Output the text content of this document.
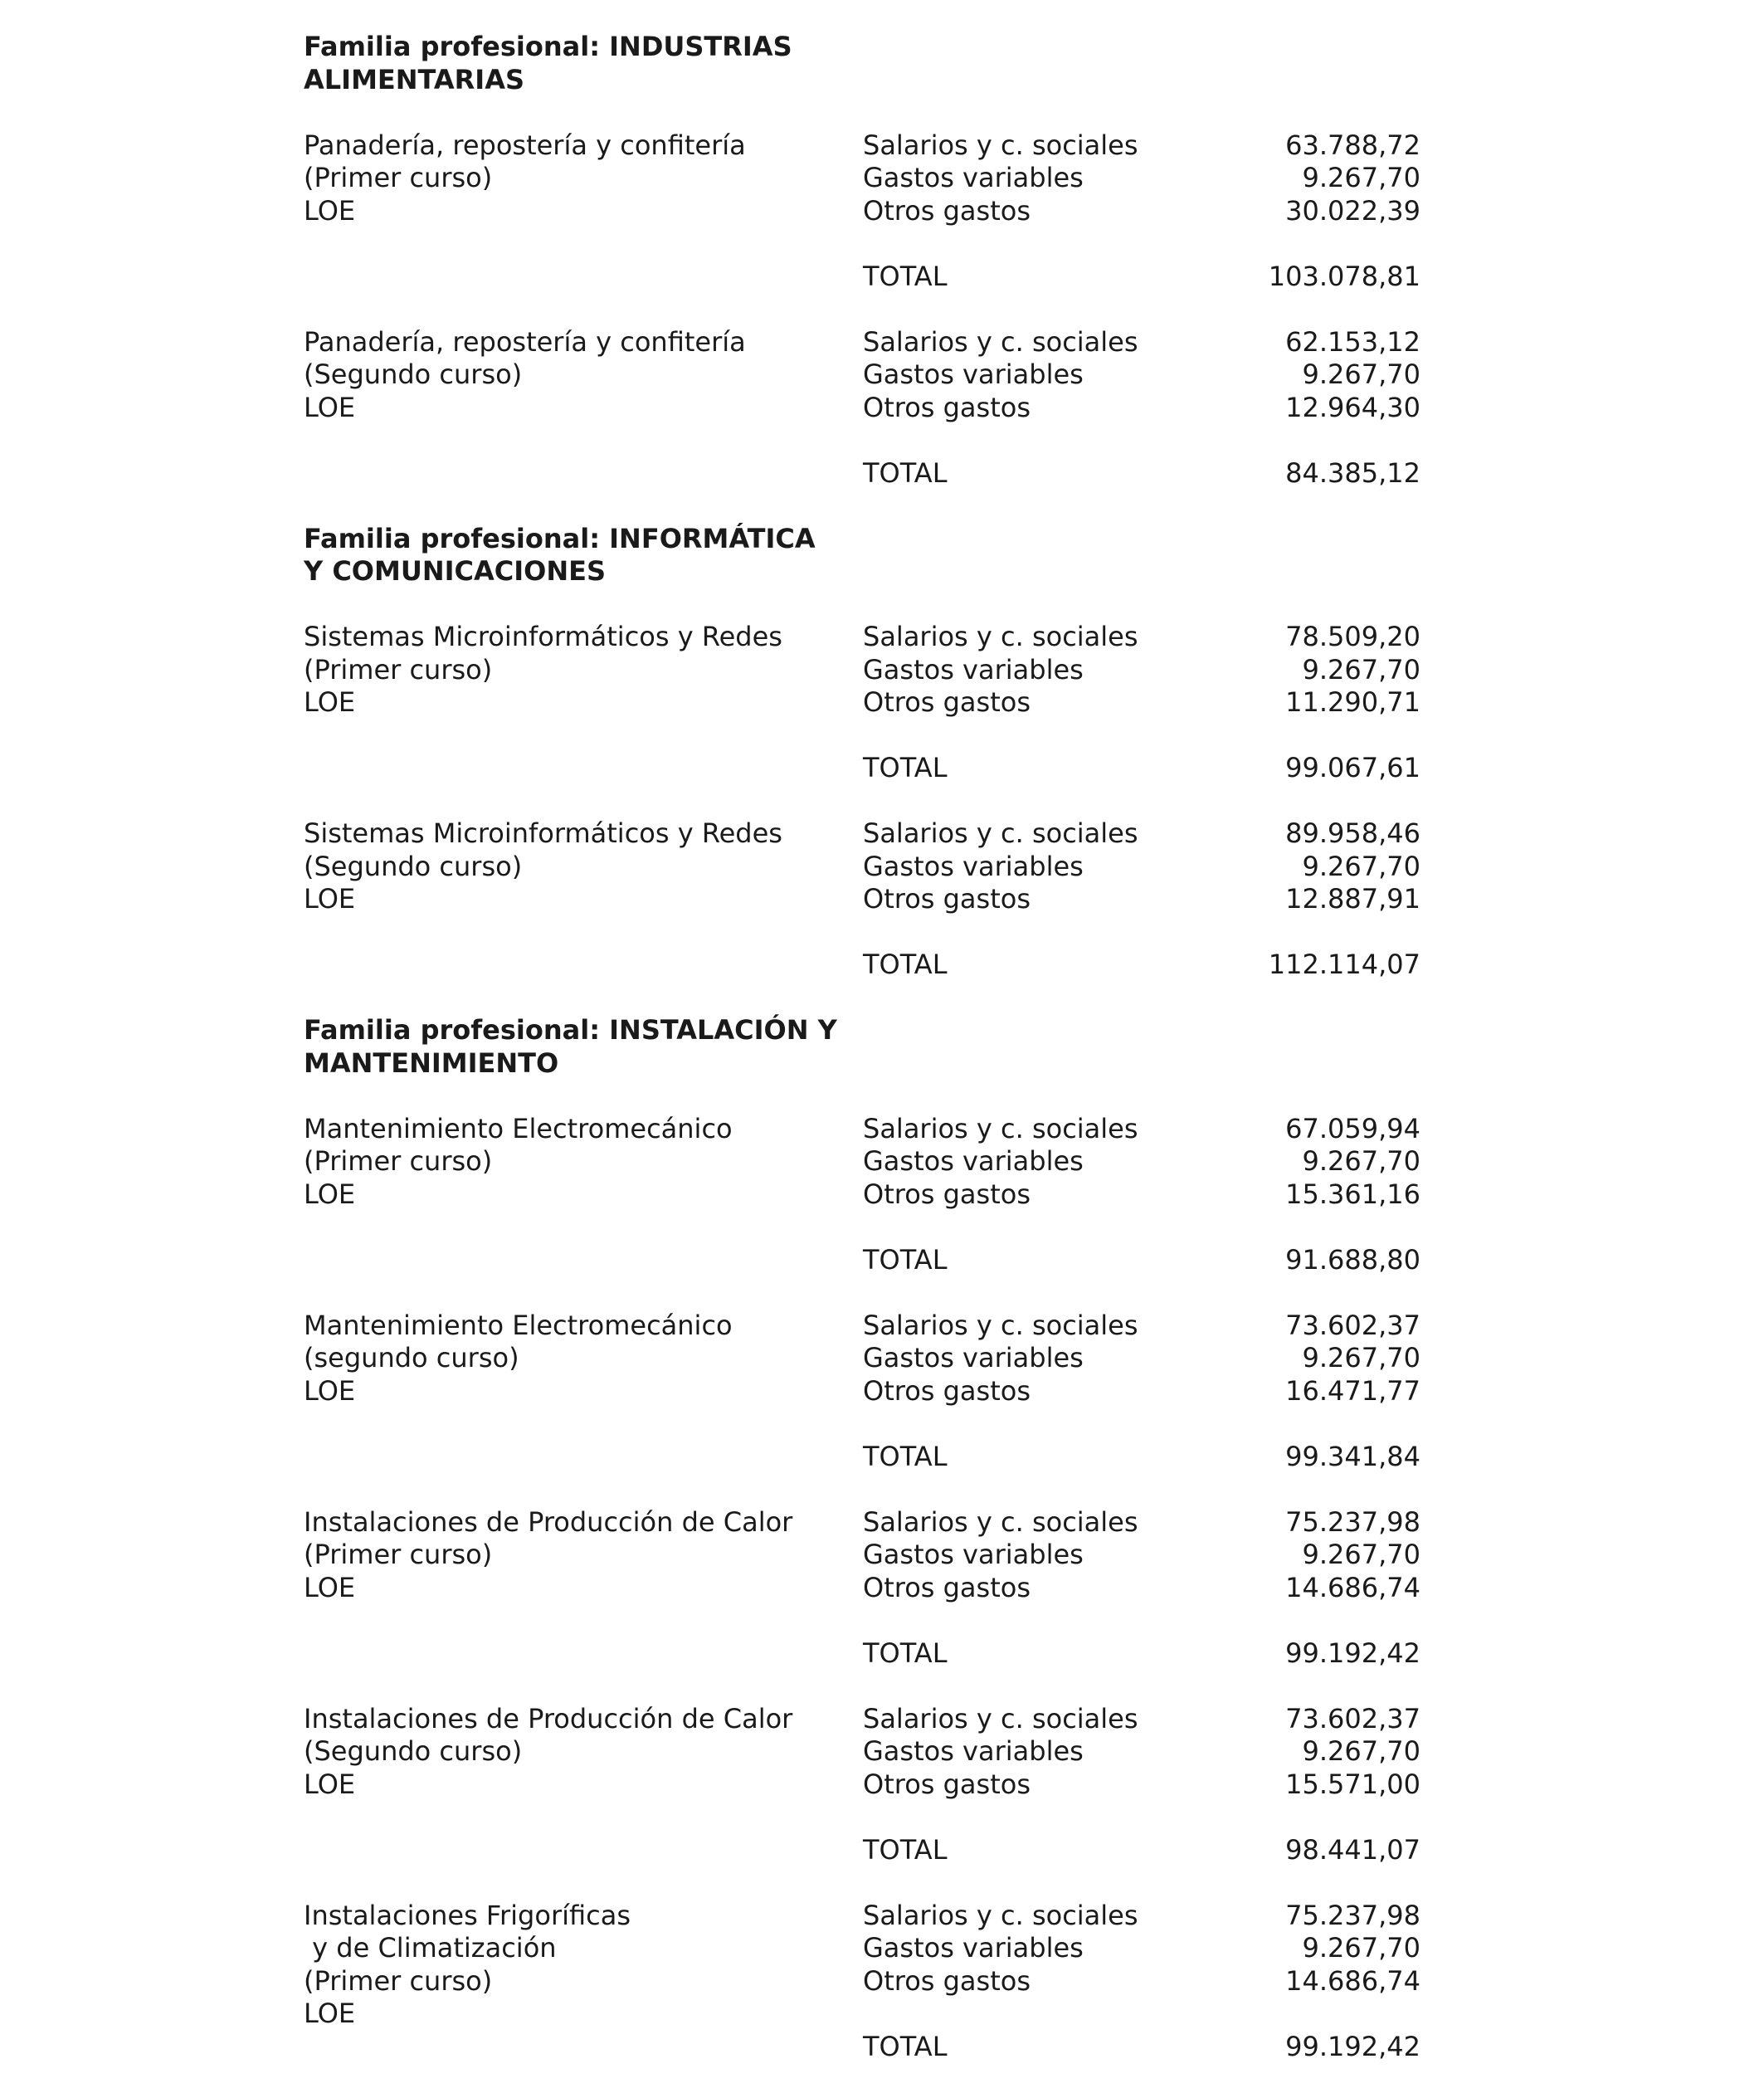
Familia profesional: INDUSTRIAS
ALIMENTARIAS
Panadería, repostería y confitería
(Primer curso)
LOE
Salarios y c. sociales	63.788,72
Gastos variables	9.267,70
Otros gastos	30.022,39
TOTAL	103.078,81
Panadería, repostería y confitería
(Segundo curso)
LOE
Salarios y c. sociales	62.153,12
Gastos variables	9.267,70
Otros gastos	12.964,30
TOTAL	84.385,12
Familia profesional: INFORMÁTICA
Y COMUNICACIONES
Sistemas Microinformáticos y Redes
(Primer curso)
LOE
Salarios y c. sociales	78.509,20
Gastos variables	9.267,70
Otros gastos	11.290,71
TOTAL	99.067,61
Sistemas Microinformáticos y Redes
(Segundo curso)
LOE
Salarios y c. sociales	89.958,46
Gastos variables	9.267,70
Otros gastos	12.887,91
TOTAL	112.114,07
Familia profesional: INSTALACIÓN Y
MANTENIMIENTO
Mantenimiento Electromecánico
(Primer curso)
LOE
Salarios y c. sociales	67.059,94
Gastos variables	9.267,70
Otros gastos	15.361,16
TOTAL	91.688,80
Mantenimiento Electromecánico
(segundo curso)
LOE
Salarios y c. sociales	73.602,37
Gastos variables	9.267,70
Otros gastos	16.471,77
TOTAL	99.341,84
Instalaciones de Producción de Calor
(Primer curso)
LOE
Salarios y c. sociales	75.237,98
Gastos variables	9.267,70
Otros gastos	14.686,74
TOTAL	99.192,42
Instalaciones de Producción de Calor
(Segundo curso)
LOE
Salarios y c. sociales	73.602,37
Gastos variables	9.267,70
Otros gastos	15.571,00
TOTAL	98.441,07
Instalaciones Frigoríficas
y de Climatización
(Primer curso)
LOE
Salarios y c. sociales	75.237,98
Gastos variables	9.267,70
Otros gastos	14.686,74
TOTAL	99.192,42
